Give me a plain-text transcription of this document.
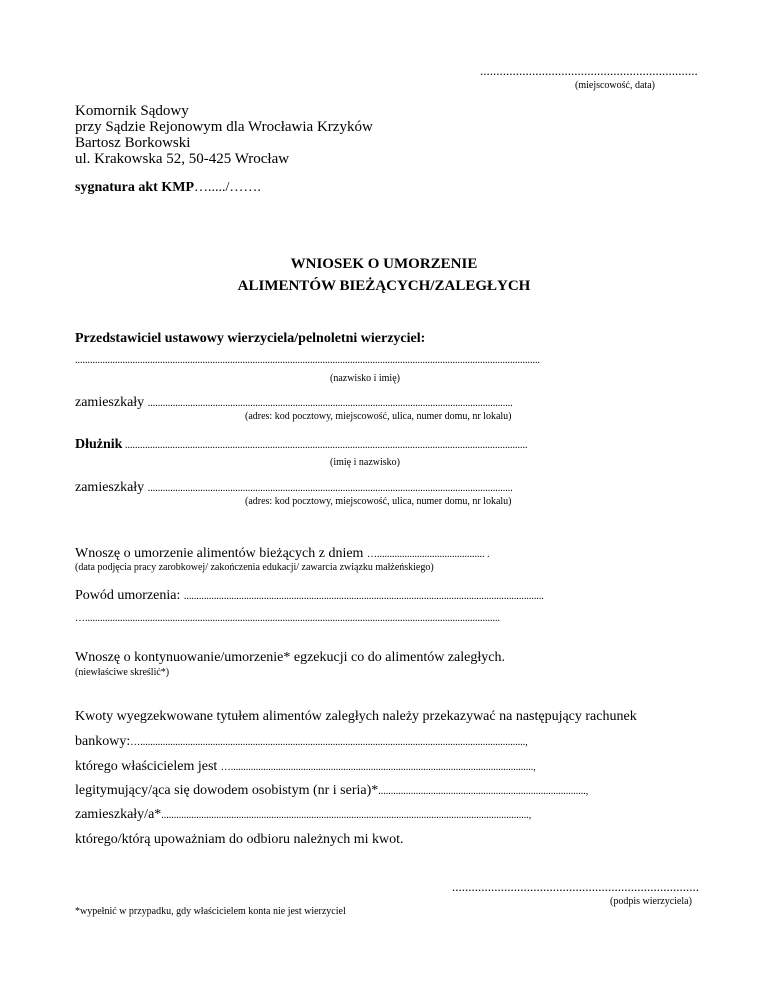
...................................................................
(miejscowość, data)
Komornik Sądowy
przy Sądzie Rejonowym dla Wrocławia Krzyków
Bartosz Borkowski
ul. Krakowska 52, 50-425 Wrocław
sygnatura akt KMP…...../…….
WNIOSEK O UMORZENIE
ALIMENTÓW BIEŻĄCYCH/ZALEGŁYCH
Przedstawiciel ustawowy wierzyciela/pelnoletni wierzyciel:
..........................................................................................................................................................................................
(nazwisko i imię)
zamieszkały ..................................................................................................................................................
(adres: kod pocztowy, miejscowość, ulica, numer domu, nr lokalu)
Dłużnik .................................................................................................................................................................
(imię i nazwisko)
zamieszkały ..................................................................................................................................................
(adres: kod pocztowy, miejscowość, ulica, numer domu, nr lokalu)
Wnoszę o umorzenie alimentów bieżących z dniem …........................................... .
(data podjęcia pracy zarobkowej/ zakończenia edukacji/ zawarcia związku małżeńskiego)
Powód umorzenia: ................................................................................................................................................
…......................................................................................................................................................................
Wnoszę o kontynuowanie/umorzenie* egzekucji co do alimentów zaległych.
(niewłaściwe skreślić*)
Kwoty wyegzekwowane tytułem alimentów zaległych należy przekazywać na następujący rachunek
bankowy:…..........................................................................................................................................................,
którego właścicielem jest ….........................................................................................................................,
legitymujący/ąca się dowodem osobistym (nr i seria)*...................................................................................,
zamieszkały/a*...................................................................................................................................................,
którego/którą upoważniam do odbioru należnych mi kwot.
............................................................................
(podpis wierzyciela)
*wypełnić w przypadku, gdy właścicielem konta nie jest wierzyciel
